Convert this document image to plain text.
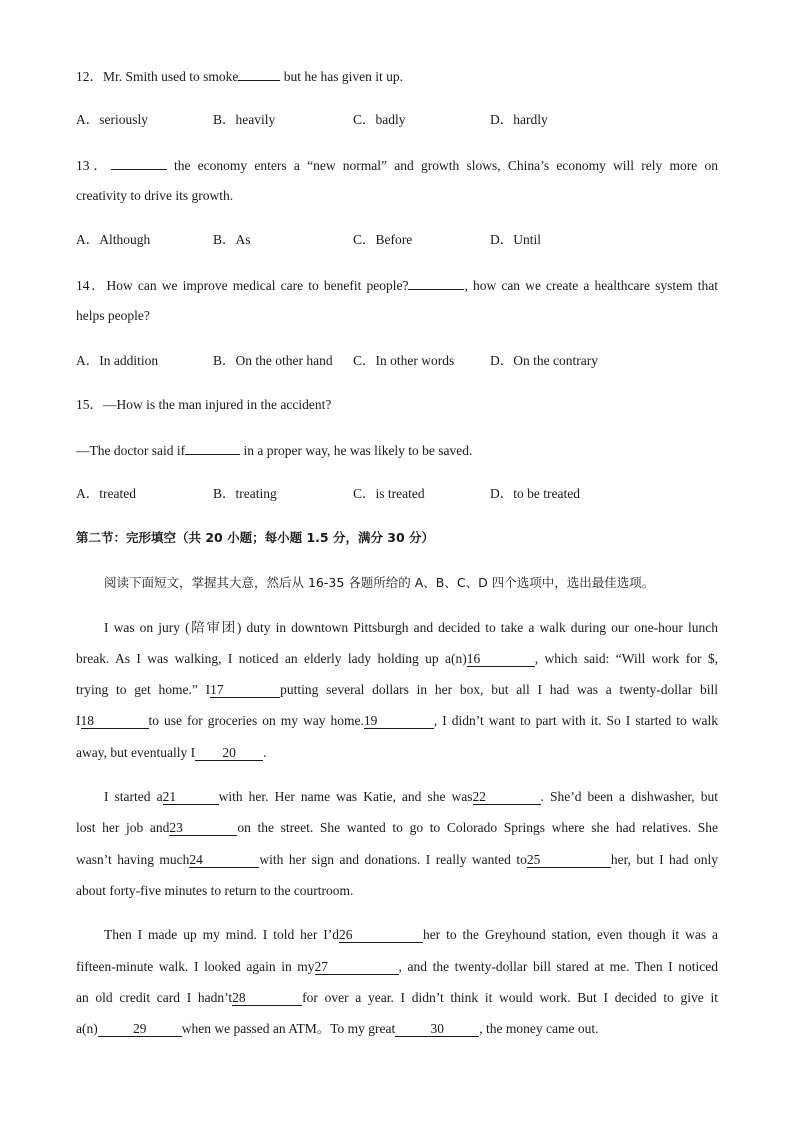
12．Mr. Smith used to smoke	but he has given it up.
A．seriously	B．heavily	C．badly	D．hardly
13．	the economy enters a “new normal” and growth slows, China’s economy will rely more on
creativity to drive its growth.
A．Although	B．As	C．Before	D．Until
14．How can we improve medical care to benefit people?	, how can we create a healthcare system that
helps people?
A．In addition	B．On the other hand C．In other words	D．On the contrary
15．—How is the man injured in the accident?
—The doctor said if	in a proper way, he was likely to be saved.
A．treated	B．treating	C．is treated	D．to be treated
第二节：完形填空（共 20 小题；每小题 1.5 分，满分 30 分）
阅读下面短文，掌握其大意，然后从 16-35 各题所给的 A、B、C、D 四个选项中，选出最佳选项。
I was on jury (陪审团) duty in downtown Pittsburgh and decided to take a walk during our one-hour lunch
break. As I was walking, I noticed an elderly lady holding up a(n)16	, which said: “Will work for $,
trying to get home.” I17	putting several dollars in her box, but all I had was a twenty-dollar bill
I18	to use for groceries on my way home.19	, I didn’t want to part with it. So I started to walk
away, but eventually I 20 .
I started a21	with her. Her name was Katie, and she was22	. She’d been a dishwasher, but
lost her job and23	on the street. She wanted to go to Colorado Springs where she had relatives. She
wasn’t having much24	with her sign and donations. I really wanted to25	her, but I had only
about forty-five minutes to return to the courtroom.
Then I made up my mind. I told her I’d26	her to the Greyhound station, even though it was a
fifteen-minute walk. I looked again in my27	, and the twenty-dollar bill stared at me. Then I noticed
an old credit card I hadn’t28	for over a year. I didn’t think it would work. But I decided to give it
a(n)	29	when we passed an ATM。To my great	30	, the money came out.
